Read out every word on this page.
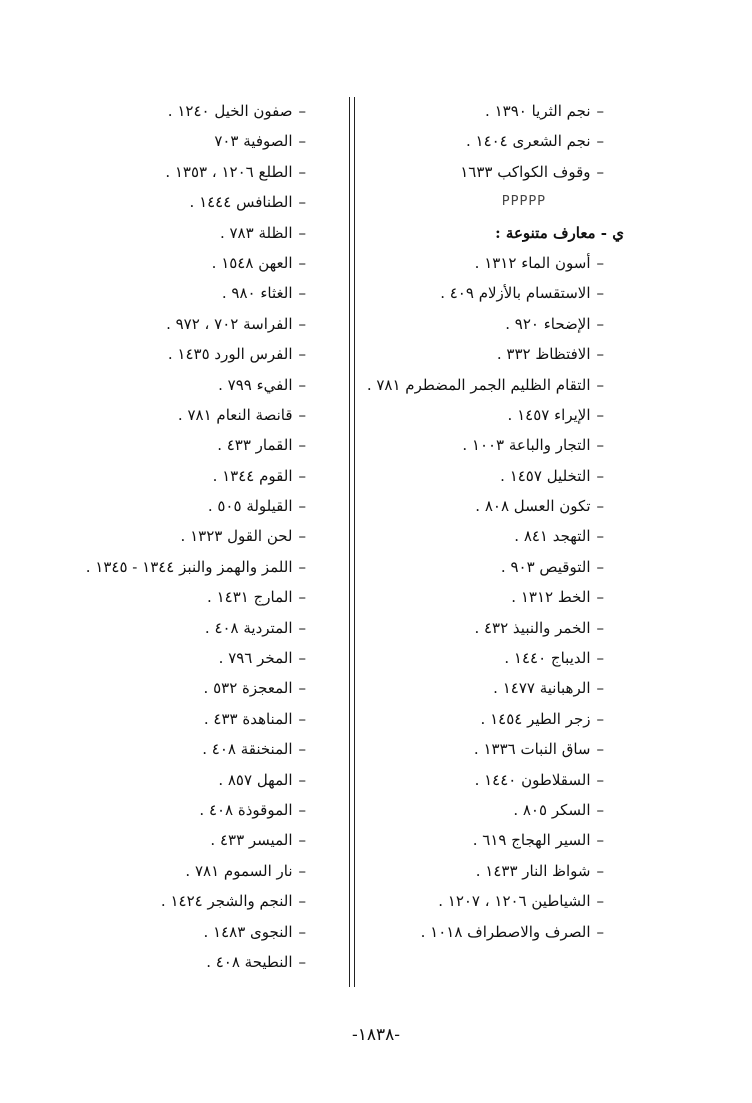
–نجم الثريا ١٣٩٠ .
–نجم الشعرى ١٤٠٤ .
–وقوف الكواكب ١٦٣٣
PPPPP
ي - معارف متنوعة :
–أسون الماء ١٣١٢ .
–الاستقسام بالأزلام ٤٠٩ .
–الإضحاء ٩٢٠ .
–الافتظاظ ٣٣٢ .
–التقام الظليم الجمر المضطرم ٧٨١ .
–الإيراء ١٤٥٧ .
–التجار والباعة ١٠٠٣ .
–التخليل ١٤٥٧ .
–تكون العسل ٨٠٨ .
–التهجد ٨٤١ .
–التوقيص ٩٠٣ .
–الخط ١٣١٢ .
–الخمر والنبيذ ٤٣٢ .
–الديباج ١٤٤٠ .
–الرهبانية ١٤٧٧ .
–زجر الطير ١٤٥٤ .
–ساق النبات ١٣٣٦ .
–السقلاطون ١٤٤٠ .
–السكر ٨٠٥ .
–السير الهجاج ٦١٩ .
–شواظ النار ١٤٣٣ .
–الشياطين ١٢٠٦ ، ١٢٠٧ .
–الصرف والاصطراف ١٠١٨ .
–صفون الخيل ١٢٤٠ .
–الصوفية ٧٠٣
–الطلع ١٢٠٦ ، ١٣٥٣ .
–الطنافس ١٤٤٤ .
–الظلة ٧٨٣ .
–العهن ١٥٤٨ .
–الغثاء ٩٨٠ .
–الفراسة ٧٠٢ ، ٩٧٢ .
–الفرس الورد ١٤٣٥ .
–الفيء ٧٩٩ .
–قانصة النعام ٧٨١ .
–القمار ٤٣٣ .
–القوم ١٣٤٤ .
–القيلولة ٥٠٥ .
–لحن القول ١٣٢٣ .
–اللمز والهمز والنبز ١٣٤٤ - ١٣٤٥ .
–المارج ١٤٣١ .
–المتردية ٤٠٨ .
–المخر ٧٩٦ .
–المعجزة ٥٣٢ .
–المناهدة ٤٣٣ .
–المنخنقة ٤٠٨ .
–المهل ٨٥٧ .
–الموقوذة ٤٠٨ .
–الميسر ٤٣٣ .
–نار السموم ٧٨١ .
–النجم والشجر ١٤٢٤ .
–النجوى ١٤٨٣ .
–النطيحة ٤٠٨ .
-١٨٣٨-
